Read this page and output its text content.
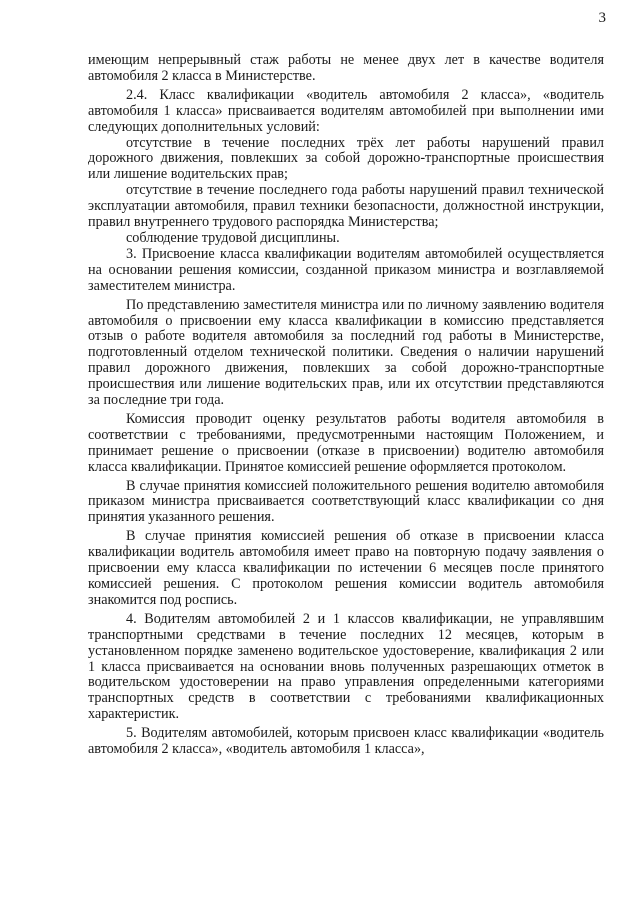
3

имеющим непрерывный стаж работы не менее двух лет в качестве водителя автомобиля 2 класса в Министерстве.

2.4. Класс квалификации «водитель автомобиля 2 класса», «водитель автомобиля 1 класса» присваивается водителям автомобилей при выполнении ими следующих дополнительных условий:

отсутствие в течение последних трёх лет работы нарушений правил дорожного движения, повлекших за собой дорожно-транспортные происшествия или лишение водительских прав;

отсутствие в течение последнего года работы нарушений правил технической эксплуатации автомобиля, правил техники безопасности, должностной инструкции, правил внутреннего трудового распорядка Министерства;

соблюдение трудовой дисциплины.

3. Присвоение класса квалификации водителям автомобилей осуществляется на основании решения комиссии, созданной приказом министра и возглавляемой заместителем министра.

По представлению заместителя министра или по личному заявлению водителя автомобиля о присвоении ему класса квалификации в комиссию представляется отзыв о работе водителя автомобиля за последний год работы в Министерстве, подготовленный отделом технической политики. Сведения о наличии нарушений правил дорожного движения, повлекших за собой дорожно-транспортные происшествия или лишение водительских прав, или их отсутствии представляются за последние три года.

Комиссия проводит оценку результатов работы водителя автомобиля в соответствии с требованиями, предусмотренными настоящим Положением, и принимает решение о присвоении (отказе в присвоении) водителю автомобиля класса квалификации. Принятое комиссией решение оформляется протоколом.

В случае принятия комиссией положительного решения водителю автомобиля приказом министра присваивается соответствующий класс квалификации со дня принятия указанного решения.

В случае принятия комиссией решения об отказе в присвоении класса квалификации водитель автомобиля имеет право на повторную подачу заявления о присвоении ему класса квалификации по истечении 6 месяцев после принятого комиссией решения. С протоколом решения комиссии водитель автомобиля знакомится под роспись.

4. Водителям автомобилей 2 и 1 классов квалификации, не управлявшим транспортными средствами в течение последних 12 месяцев, которым в установленном порядке заменено водительское удостоверение, квалификация 2 или 1 класса присваивается на основании вновь полученных разрешающих отметок в водительском удостоверении на право управления определенными категориями транспортных средств в соответствии с требованиями квалификационных характеристик.

5. Водителям автомобилей, которым присвоен класс квалификации «водитель автомобиля 2 класса», «водитель автомобиля 1 класса»,
